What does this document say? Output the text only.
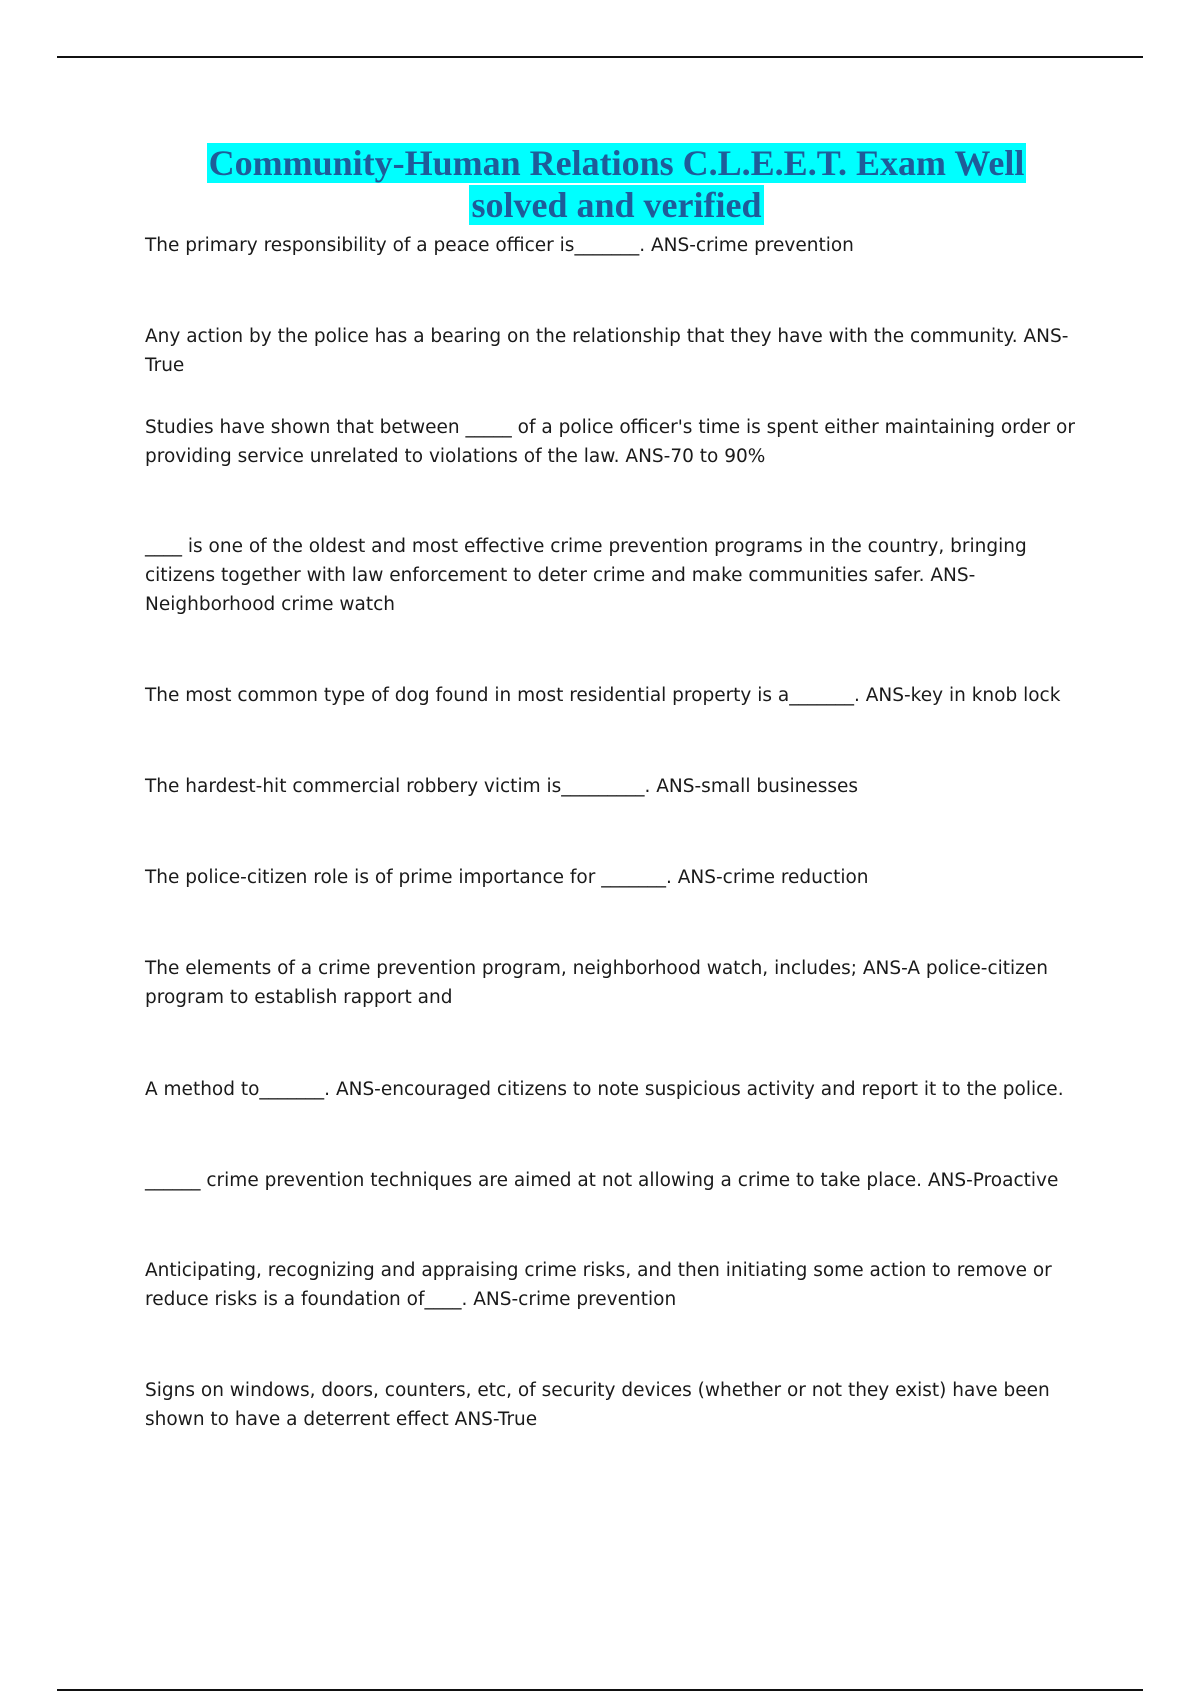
Community-Human Relations C.L.E.E.T. Exam Well
solved and verified

The primary responsibility of a peace officer is_______. ANS-crime prevention

Any action by the police has a bearing on the relationship that they have with the community. ANS-True

Studies have shown that between _____ of a police officer's time is spent either maintaining order or providing service unrelated to violations of the law. ANS-70 to 90%

____ is one of the oldest and most effective crime prevention programs in the country, bringing citizens together with law enforcement to deter crime and make communities safer. ANS-Neighborhood crime watch

The most common type of dog found in most residential property is a_______. ANS-key in knob lock

The hardest-hit commercial robbery victim is_________. ANS-small businesses

The police-citizen role is of prime importance for _______. ANS-crime reduction

The elements of a crime prevention program, neighborhood watch, includes; ANS-A police-citizen program to establish rapport and

A method to_______. ANS-encouraged citizens to note suspicious activity and report it to the police.

______ crime prevention techniques are aimed at not allowing a crime to take place. ANS-Proactive

Anticipating, recognizing and appraising crime risks, and then initiating some action to remove or reduce risks is a foundation of____. ANS-crime prevention

Signs on windows, doors, counters, etc, of security devices (whether or not they exist) have been shown to have a deterrent effect ANS-True
